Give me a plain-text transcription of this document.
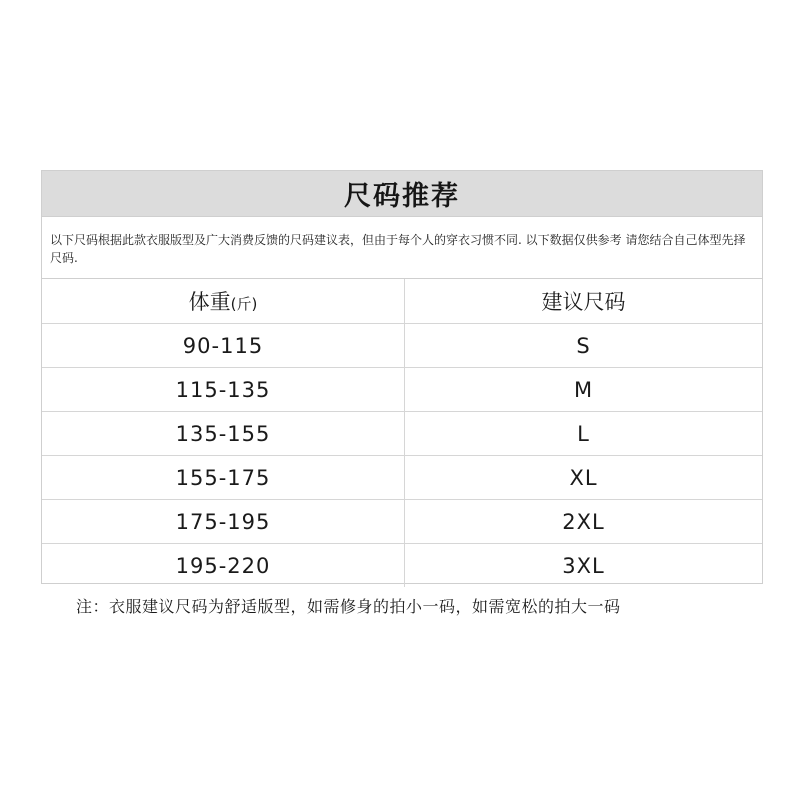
尺码推荐
以下尺码根据此款衣服版型及广大消费反馈的尺码建议表，但由于每个人的穿衣习惯不同. 以下数据仅供参考 请您结合自己体型先择尺码.
体重(斤)	建议尺码
90-115	S
115-135	M
135-155	L
155-175	XL
175-195	2XL
195-220	3XL
注：衣服建议尺码为舒适版型，如需修身的拍小一码，如需宽松的拍大一码
